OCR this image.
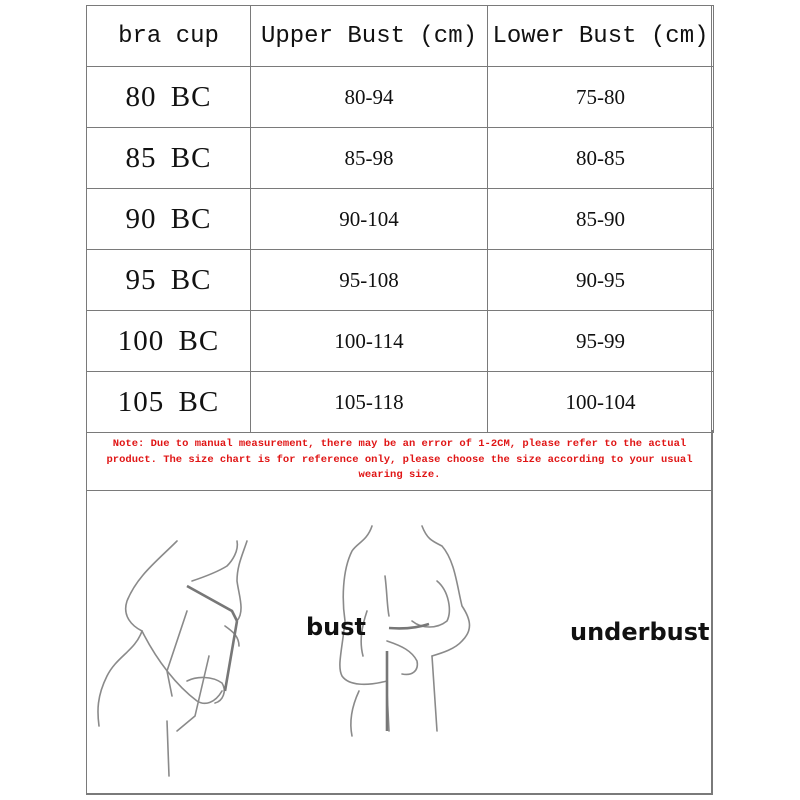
bra cup	Upper Bust (cm)	Lower Bust (cm)
80 BC	80-94	75-80
85 BC	85-98	80-85
90 BC	90-104	85-90
95 BC	95-108	90-95
100 BC	100-114	95-99
105 BC	105-118	100-104
Note: Due to manual measurement, there may be an error of 1-2CM, please refer to the actual product. The size chart is for reference only, please choose the size according to your usual wearing size.
bust	underbust
